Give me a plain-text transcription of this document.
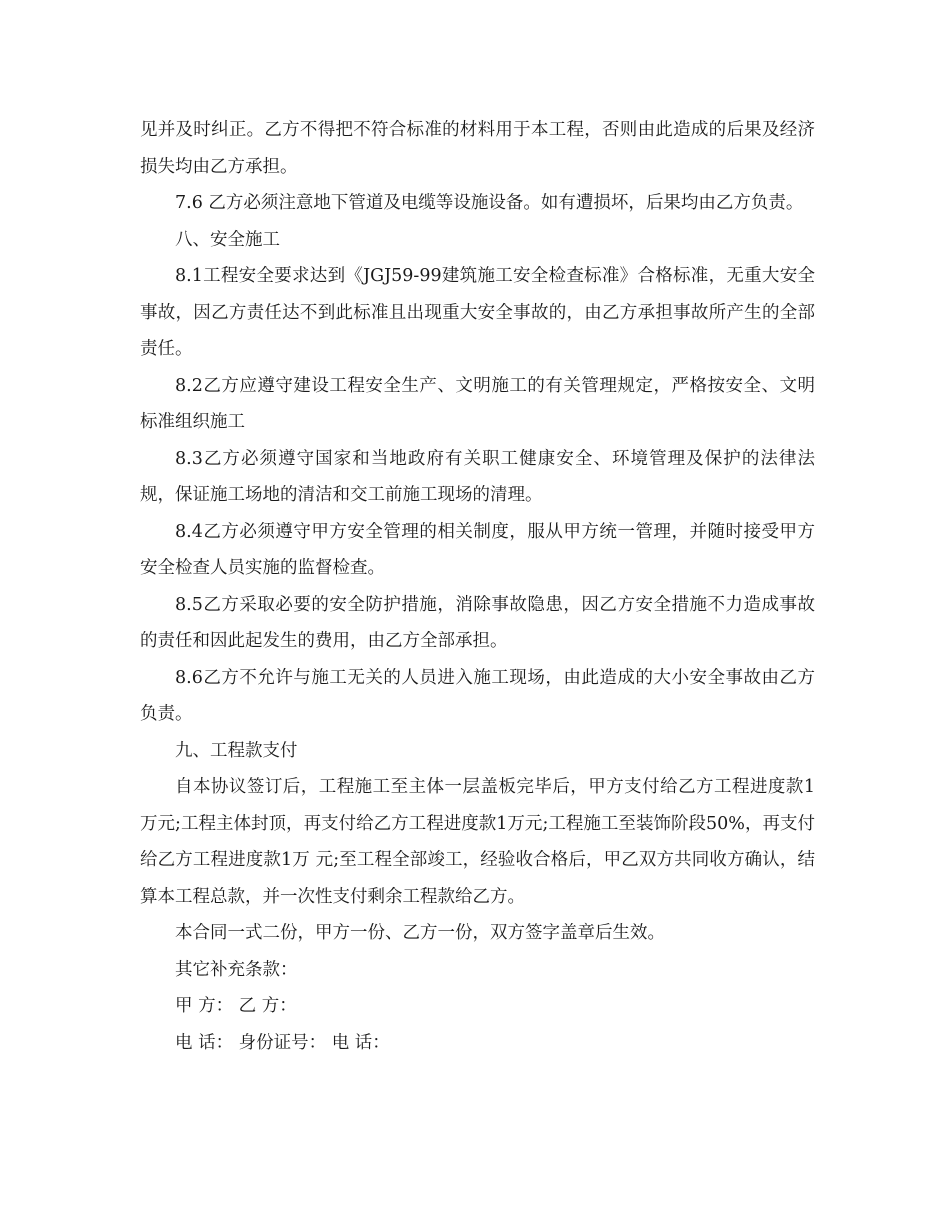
见并及时纠正。乙方不得把不符合标准的材料用于本工程，否则由此造成的后果及经济损失均由乙方承担。

7.6 乙方必须注意地下管道及电缆等设施设备。如有遭损坏，后果均由乙方负责。

八、安全施工

8.1工程安全要求达到《JGJ59-99建筑施工安全检查标准》合格标准，无重大安全事故，因乙方责任达不到此标准且出现重大安全事故的，由乙方承担事故所产生的全部责任。

8.2乙方应遵守建设工程安全生产、文明施工的有关管理规定，严格按安全、文明标准组织施工

8.3乙方必须遵守国家和当地政府有关职工健康安全、环境管理及保护的法律法规，保证施工场地的清洁和交工前施工现场的清理。

8.4乙方必须遵守甲方安全管理的相关制度，服从甲方统一管理，并随时接受甲方安全检查人员实施的监督检查。

8.5乙方采取必要的安全防护措施，消除事故隐患，因乙方安全措施不力造成事故的责任和因此起发生的费用，由乙方全部承担。

8.6乙方不允许与施工无关的人员进入施工现场，由此造成的大小安全事故由乙方负责。

九、工程款支付

自本协议签订后，工程施工至主体一层盖板完毕后，甲方支付给乙方工程进度款1万元;工程主体封顶，再支付给乙方工程进度款1万元;工程施工至装饰阶段50%，再支付给乙方工程进度款1万 元;至工程全部竣工，经验收合格后，甲乙双方共同收方确认，结算本工程总款，并一次性支付剩余工程款给乙方。

本合同一式二份，甲方一份、乙方一份，双方签字盖章后生效。

其它补充条款：

甲 方： 乙 方：

电 话： 身份证号： 电 话：
